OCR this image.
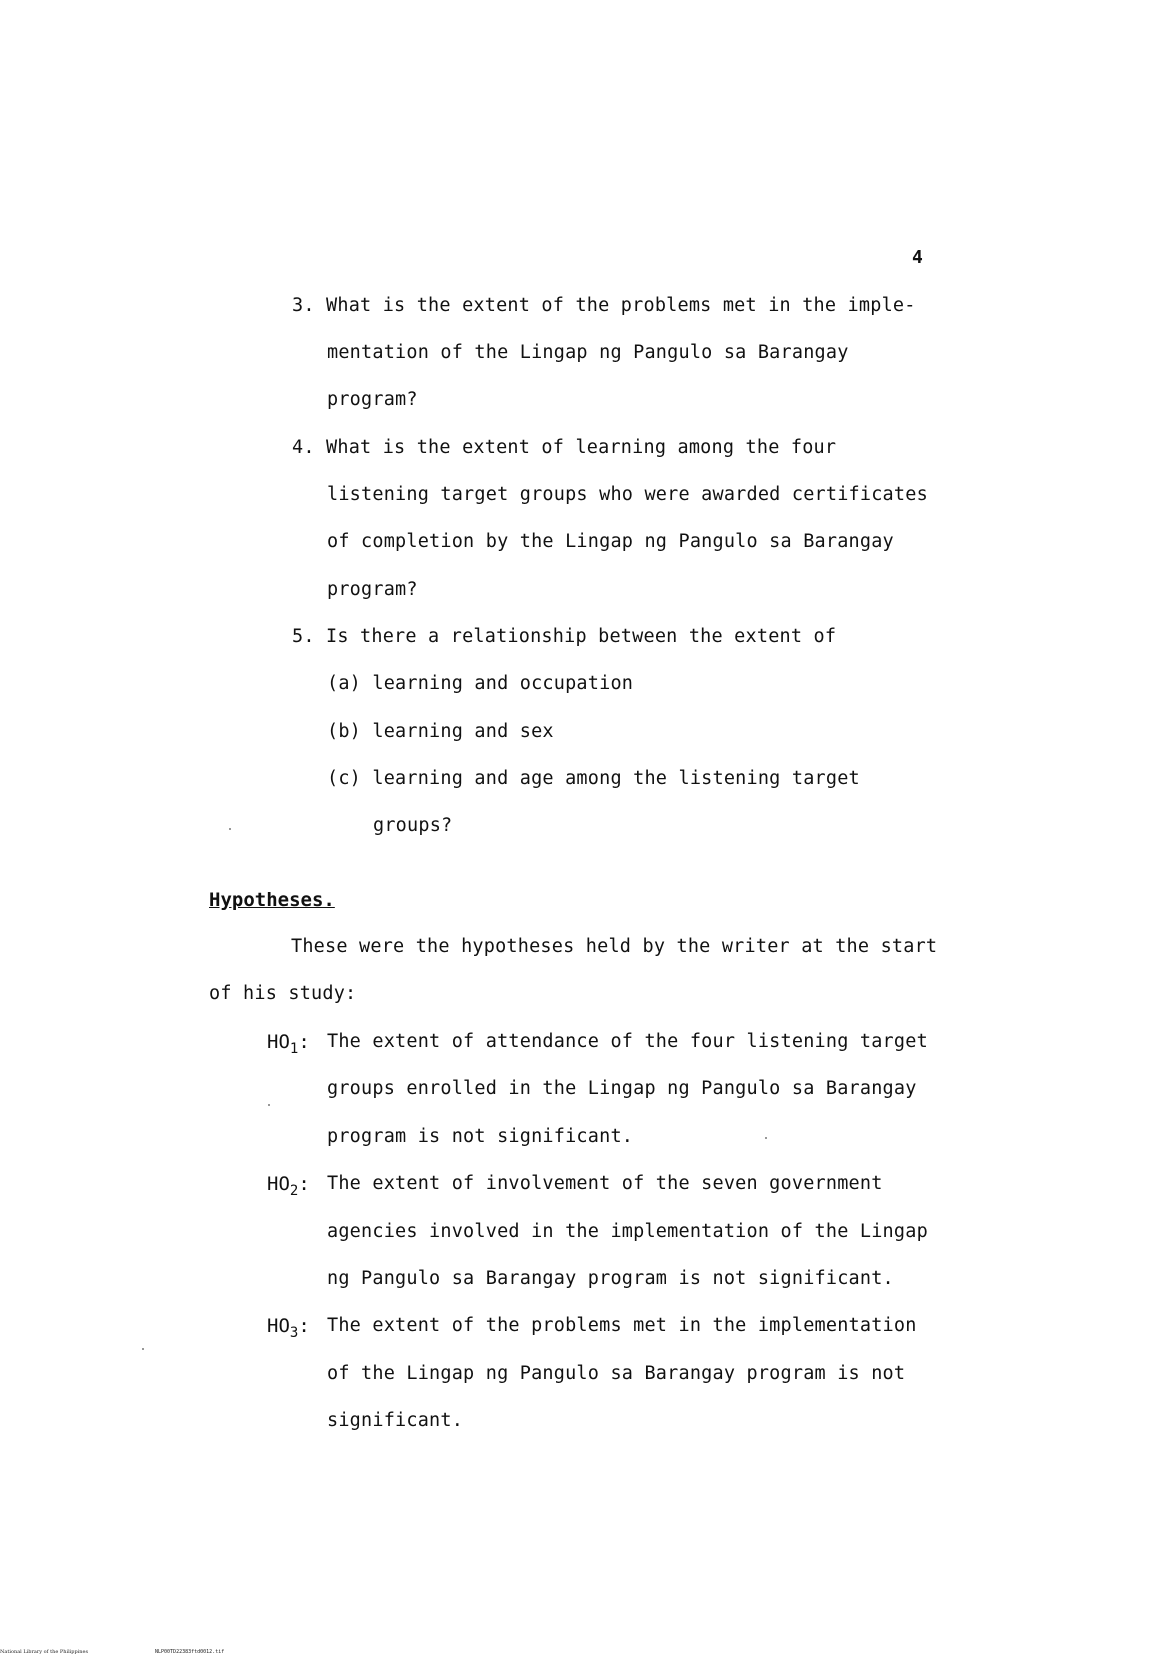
4
3. What is the extent of the problems met in the imple-
mentation of the Lingap ng Pangulo sa Barangay
program?
4. What is the extent of learning among the four
listening target groups who were awarded certificates
of completion by the Lingap ng Pangulo sa Barangay
program?
5. Is there a relationship between the extent of
(a) learning and occupation
(b) learning and sex
(c) learning and age among the listening target
groups?
Hypotheses.
These were the hypotheses held by the writer at the start
of his study:
$HO_1$: The extent of attendance of the four listening target
groups enrolled in the Lingap ng Pangulo sa Barangay
program is not significant.
$HO_2$: The extent of involvement of the seven government
agencies involved in the implementation of the Lingap
ng Pangulo sa Barangay program is not significant.
$HO_3$: The extent of the problems met in the implementation
of the Lingap ng Pangulo sa Barangay program is not
significant.
National Library of the Philippines	NLP00TD22383ftd0012.tif
